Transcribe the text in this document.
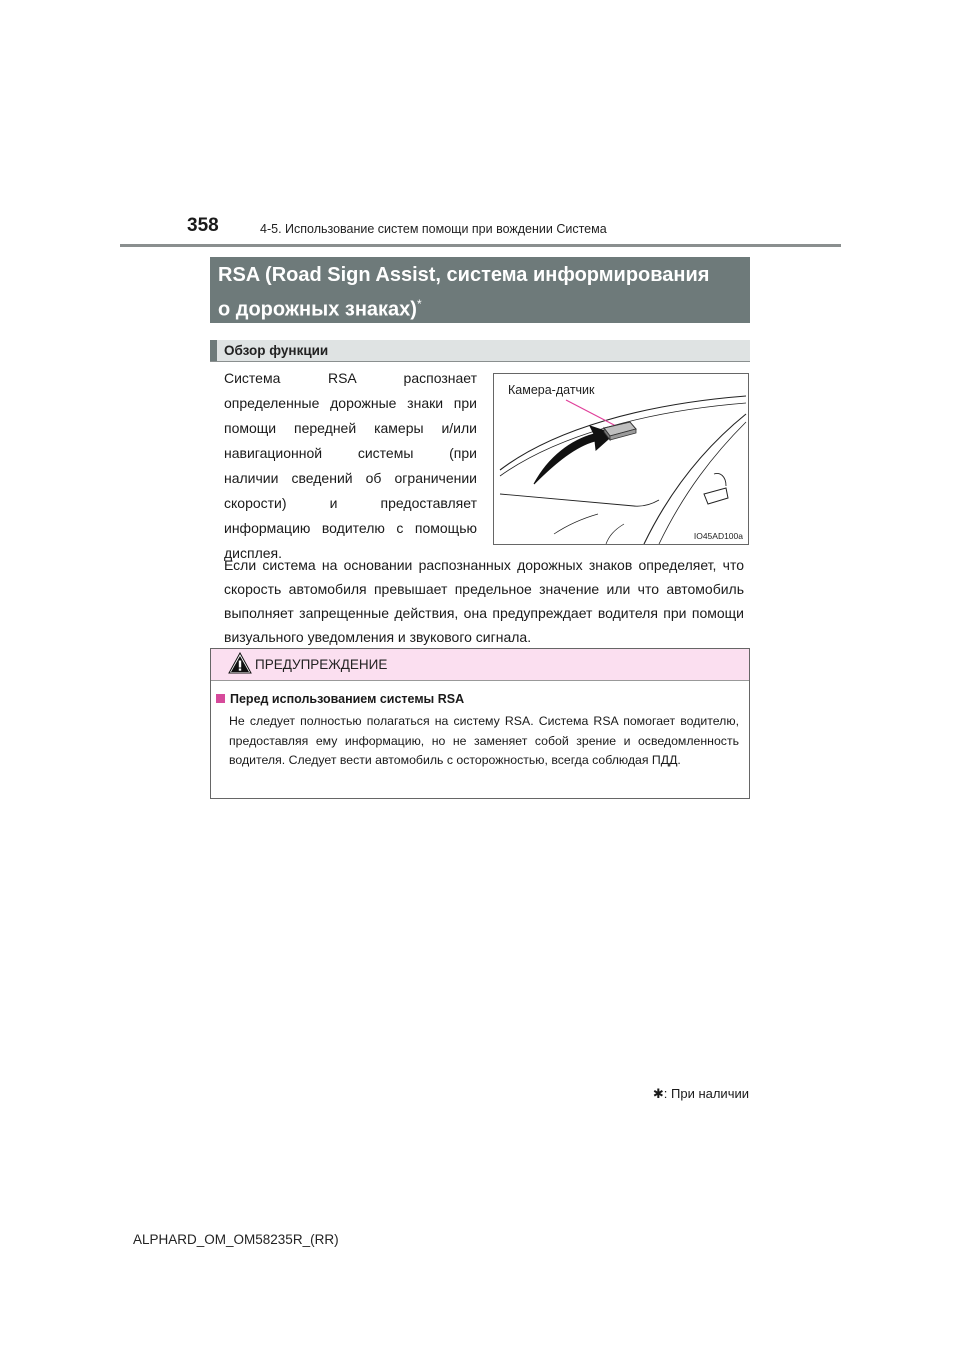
358	4-5. Использование систем помощи при вождении Система
RSA (Road Sign Assist, система информирования
о дорожных знаках)*
Обзор функции
Система RSA распознает
определенные дорожные знаки при
помощи передней камеры и/или
навигационной системы (при
наличии сведений об ограничении
скорости) и предоставляет
информацию водителю с помощью
дисплея.
Камера-датчик
IO45AD100a

Если система на основании распознанных дорожных знаков определяет, что скорость автомобиля превышает предельное значение или что автомобиль выполняет запрещенные действия, она предупреждает водителя при помощи визуального уведомления и звукового сигнала.

ПРЕДУПРЕЖДЕНИЕ
Перед использованием системы RSA

Не следует полностью полагаться на систему RSA. Система RSA помогает водителю, предоставляя ему информацию, но не заменяет собой зрение и осведомленность водителя. Следует вести автомобиль с осторожностью, всегда соблюдая ПДД.

✱: При наличии
ALPHARD_OM_OM58235R_(RR)
